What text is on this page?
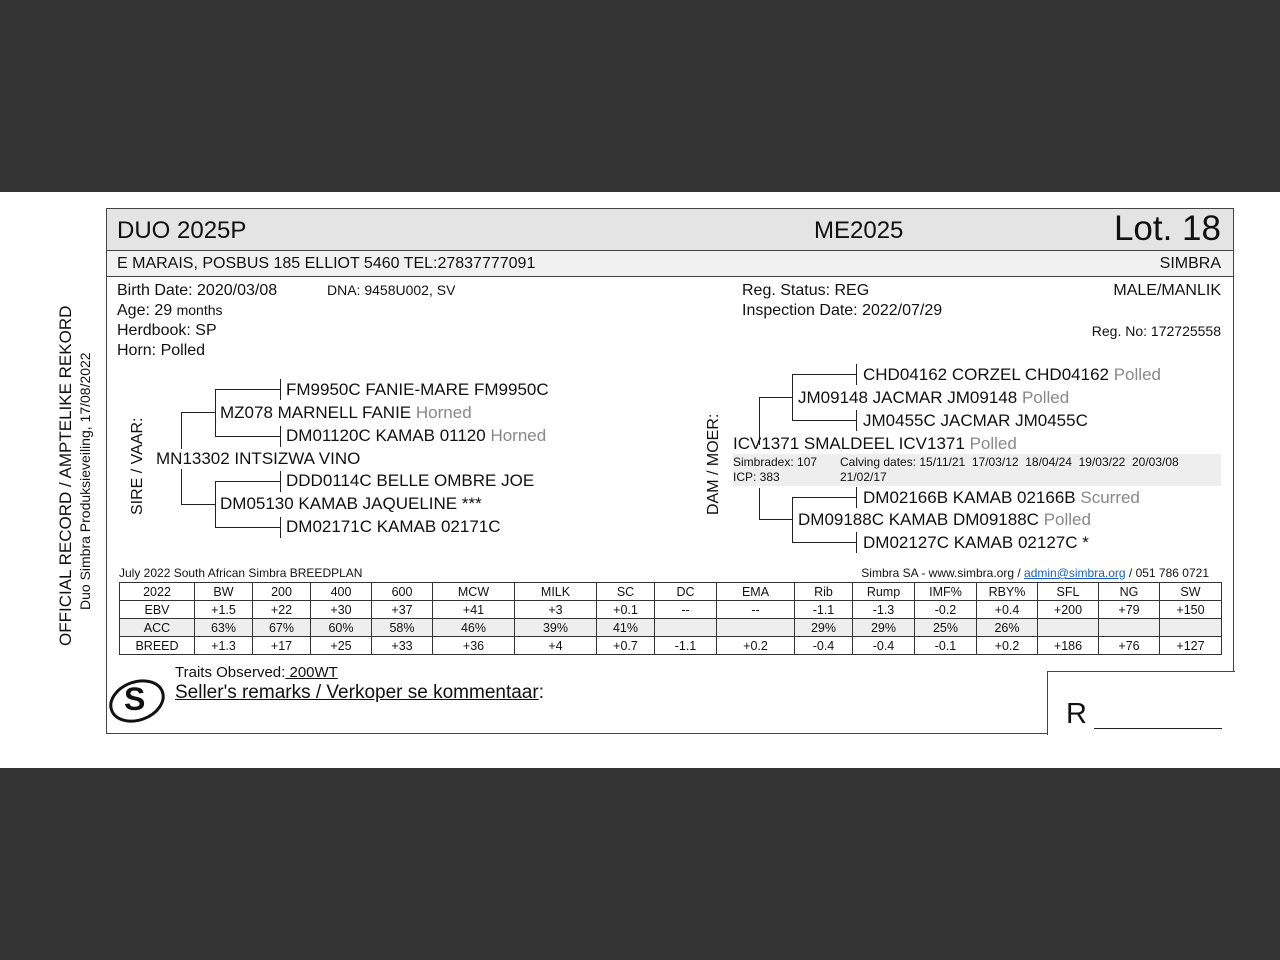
OFFICIAL RECORD / AMPTELIKE REKORD Duo Simbra Produksieveiling, 17/08/2022
DUO 2025P	ME2025	Lot. 18
E MARAIS, POSBUS 185 ELLIOT 5460 TEL:27837777091	SIMBRA
Birth Date: 2020/03/08	DNA: 9458U002, SV
Age: 29 months
Herdbook: SP
Horn: Polled
Reg. Status: REG
Inspection Date: 2022/07/29
MALE/MANLIK
Reg. No: 172725558
SIRE / VAAR: MN13302 INTSIZWA VINO
MZ078 MARNELL FANIE Horned
DM05130 KAMAB JAQUELINE ***
FM9950C FANIE-MARE FM9950C
DM01120C KAMAB 01120 Horned
DDD0114C BELLE OMBRE JOE
DM02171C KAMAB 02171C
DAM / MOER: ICV1371 SMALDEEL ICV1371 Polled
JM09148 JACMAR JM09148 Polled
DM09188C KAMAB DM09188C Polled
CHD04162 CORZEL CHD04162 Polled
JM0455C JACMAR JM0455C
DM02166B KAMAB 02166B Scurred
DM02127C KAMAB 02127C *
Simbradex: 107
ICP: 383
Calving dates: 15/11/21  17/03/12  18/04/24  19/03/22  20/03/08
21/02/17
July 2022 South African Simbra BREEDPLAN	Simbra SA - www.simbra.org / admin@simbra.org / 051 786 0721
2022	BW	200	400	600	MCW	MILK	SC	DC	EMA	Rib	Rump	IMF%	RBY%	SFL	NG	SW
EBV	+1.5	+22	+30	+37	+41	+3	+0.1	--	--	-1.1	-1.3	-0.2	+0.4	+200	+79	+150
ACC	63%	67%	60%	58%	46%	39%	41%			29%	29%	25%	26%			
BREED	+1.3	+17	+25	+33	+36	+4	+0.7	-1.1	+0.2	-0.4	-0.4	-0.1	+0.2	+186	+76	+127
S
Traits Observed: 200WT
Seller's remarks / Verkoper se kommentaar:
R
